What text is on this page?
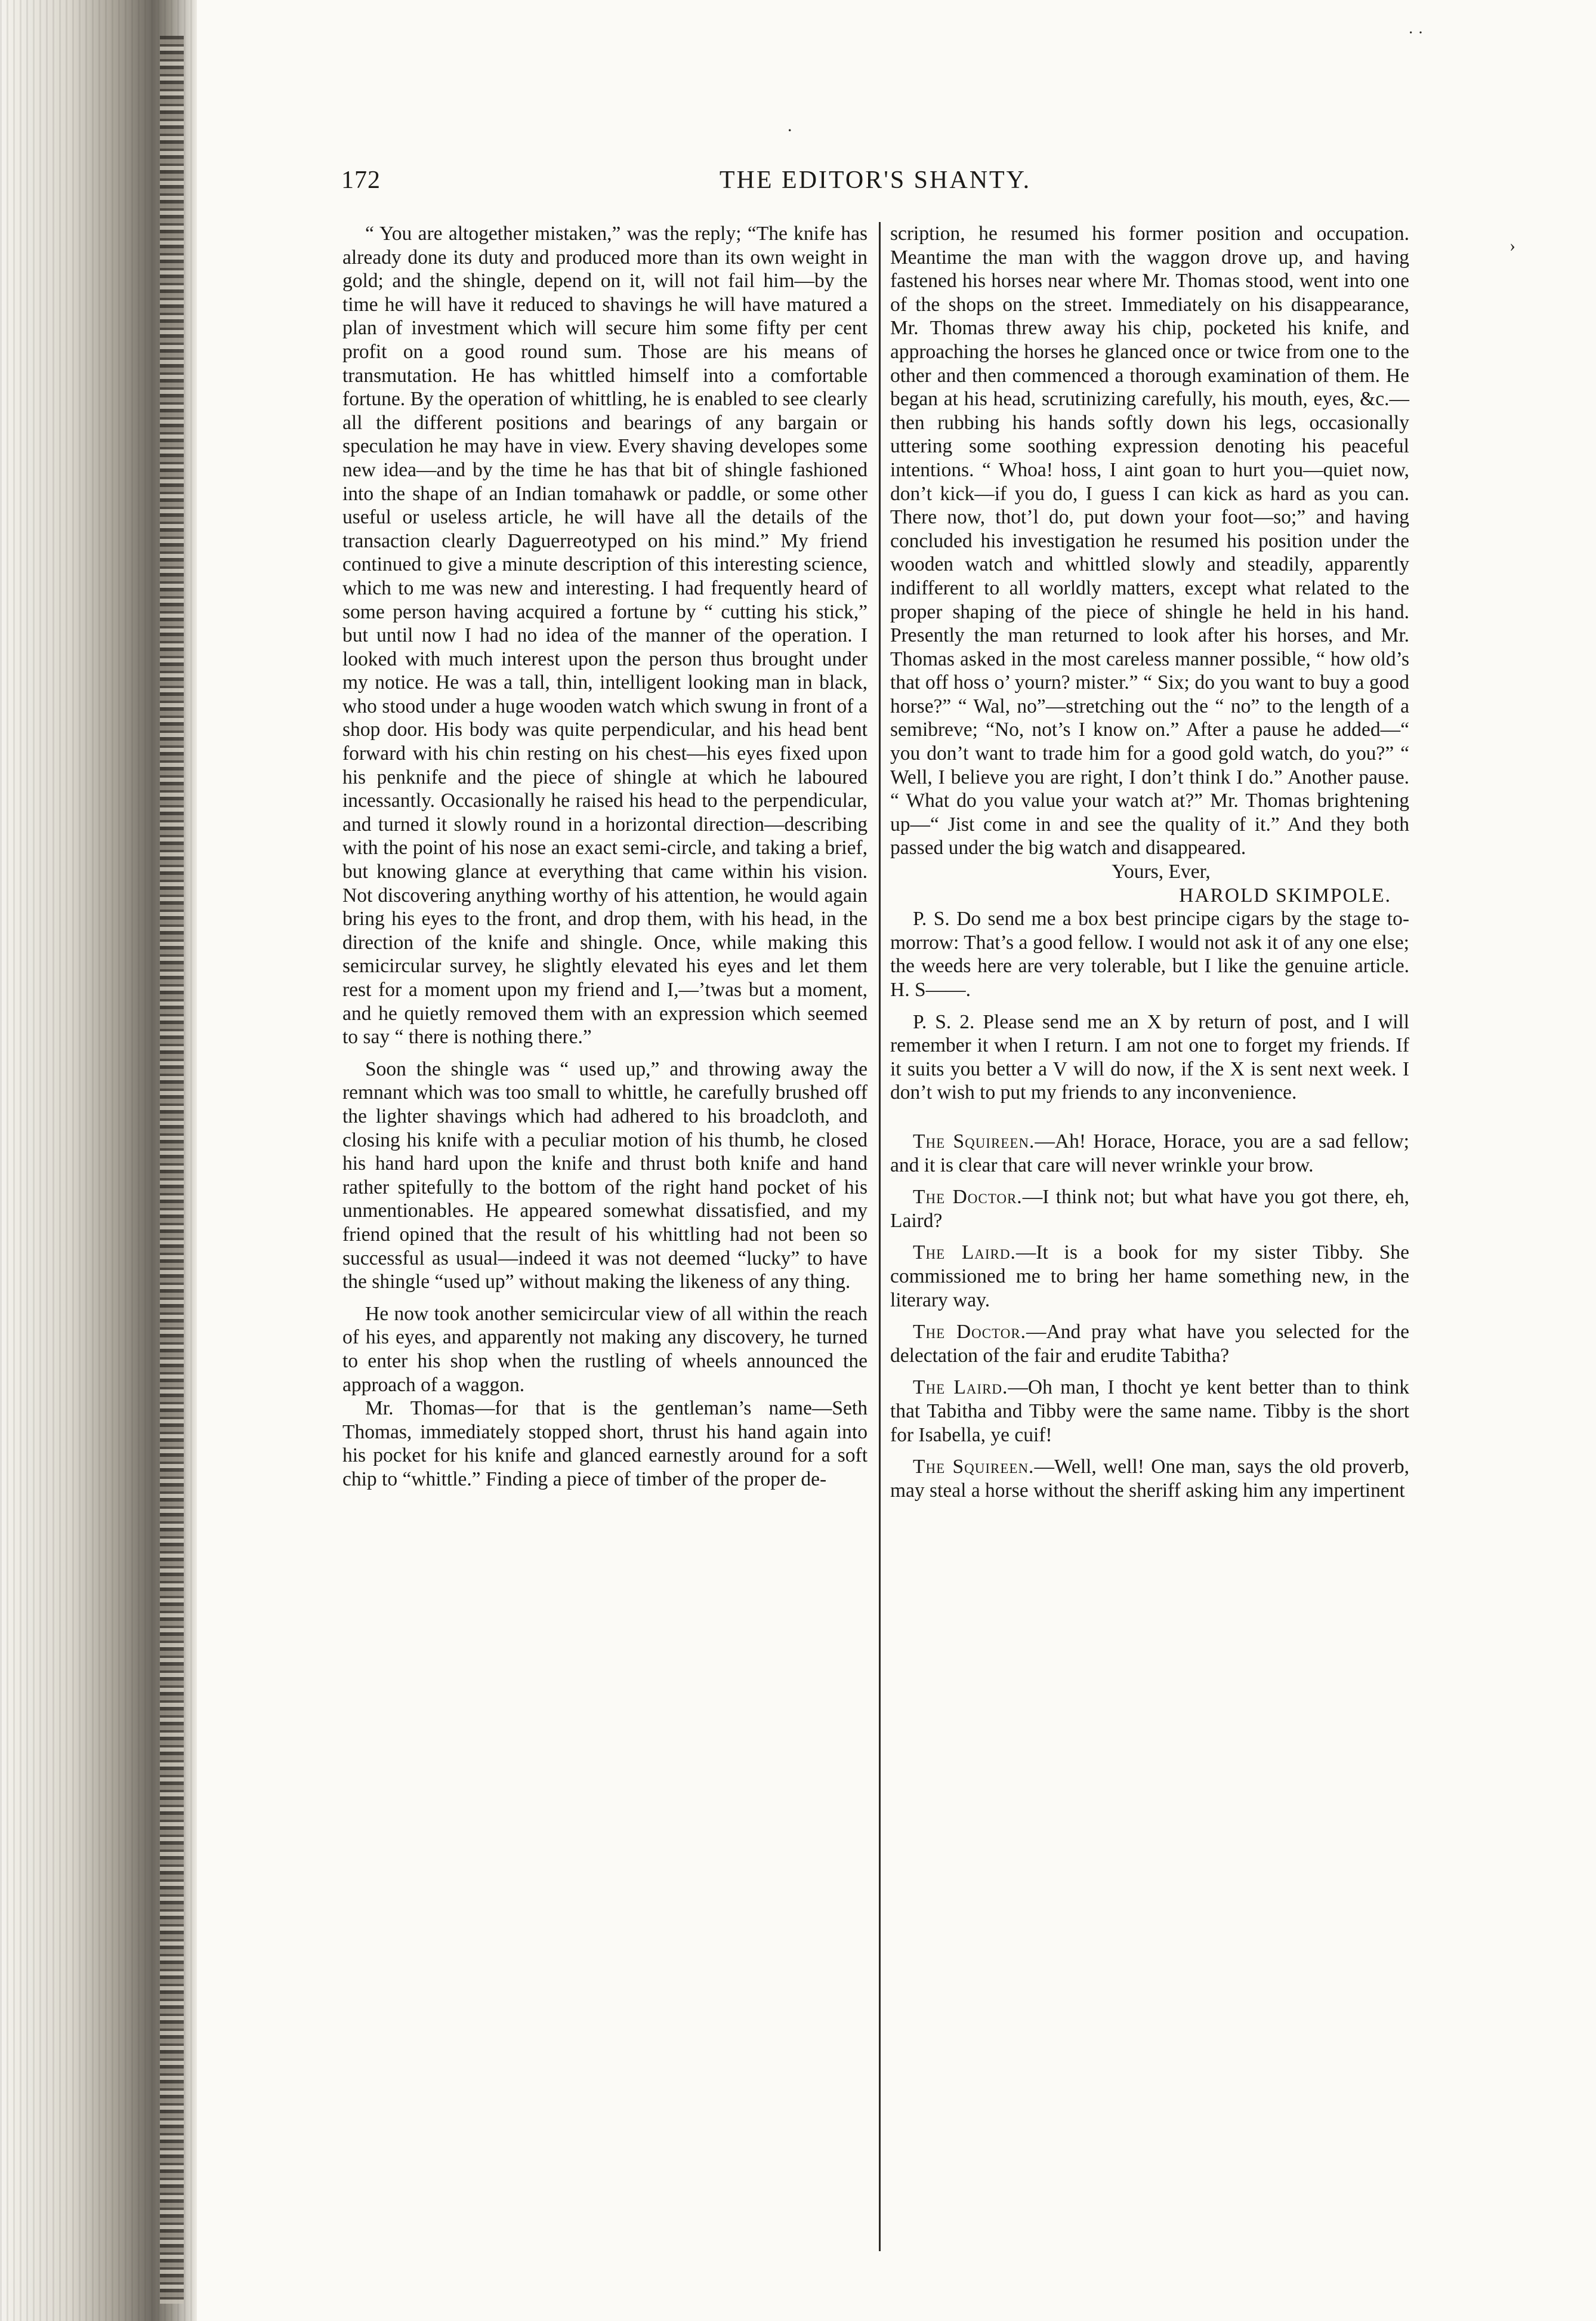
˙
· ·
›
172	THE EDITOR'S SHANTY.

“ You are altogether mistaken,” was the reply; “The knife has already done its duty and produced more than its own weight in gold; and the shingle, depend on it, will not fail him—by the time he will have it reduced to shavings he will have matured a plan of investment which will secure him some fifty per cent profit on a good round sum. Those are his means of transmutation. He has whittled himself into a comfortable fortune. By the operation of whittling, he is enabled to see clearly all the different positions and bearings of any bargain or speculation he may have in view. Every shaving developes some new idea—and by the time he has that bit of shingle fashioned into the shape of an Indian tomahawk or paddle, or some other useful or useless article, he will have all the details of the transaction clearly Daguerreotyped on his mind.” My friend continued to give a minute description of this interesting science, which to me was new and interesting. I had frequently heard of some person having acquired a fortune by “ cutting his stick,” but until now I had no idea of the manner of the operation. I looked with much interest upon the person thus brought under my notice. He was a tall, thin, intelligent looking man in black, who stood under a huge wooden watch which swung in front of a shop door. His body was quite perpendicular, and his head bent forward with his chin resting on his chest—his eyes fixed upon his penknife and the piece of shingle at which he laboured incessantly. Occasionally he raised his head to the perpendicular, and turned it slowly round in a horizontal direction—describing with the point of his nose an exact semi-circle, and taking a brief, but knowing glance at everything that came within his vision. Not discovering anything worthy of his attention, he would again bring his eyes to the front, and drop them, with his head, in the direction of the knife and shingle. Once, while making this semicircular survey, he slightly elevated his eyes and let them rest for a moment upon my friend and I,—’twas but a moment, and he quietly removed them with an expression which seemed to say “ there is nothing there.”

Soon the shingle was “ used up,” and throwing away the remnant which was too small to whittle, he carefully brushed off the lighter shavings which had adhered to his broadcloth, and closing his knife with a peculiar motion of his thumb, he closed his hand hard upon the knife and thrust both knife and hand rather spitefully to the bottom of the right hand pocket of his unmentionables. He appeared somewhat dissatisfied, and my friend opined that the result of his whittling had not been so successful as usual—indeed it was not deemed “lucky” to have the shingle “used up” without making the likeness of any thing.

He now took another semicircular view of all within the reach of his eyes, and apparently not making any discovery, he turned to enter his shop when the rustling of wheels announced the approach of a waggon.

Mr. Thomas—for that is the gentleman’s name—Seth Thomas, immediately stopped short, thrust his hand again into his pocket for his knife and glanced earnestly around for a soft chip to “whittle.” Finding a piece of timber of the proper de-

scription, he resumed his former position and occupation. Meantime the man with the waggon drove up, and having fastened his horses near where Mr. Thomas stood, went into one of the shops on the street. Immediately on his disappearance, Mr. Thomas threw away his chip, pocketed his knife, and approaching the horses he glanced once or twice from one to the other and then commenced a thorough examination of them. He began at his head, scrutinizing carefully, his mouth, eyes, &c.—then rubbing his hands softly down his legs, occasionally uttering some soothing expression denoting his peaceful intentions. “ Whoa! hoss, I aint goan to hurt you—quiet now, don’t kick—if you do, I guess I can kick as hard as you can. There now, thot’l do, put down your foot—so;” and having concluded his investigation he resumed his position under the wooden watch and whittled slowly and steadily, apparently indifferent to all worldly matters, except what related to the proper shaping of the piece of shingle he held in his hand. Presently the man returned to look after his horses, and Mr. Thomas asked in the most careless manner possible, “ how old’s that off hoss o’ yourn? mister.” “ Six; do you want to buy a good horse?” “ Wal, no”—stretching out the “ no” to the length of a semibreve; “No, not’s I know on.” After a pause he added—“ you don’t want to trade him for a good gold watch, do you?” “ Well, I believe you are right, I don’t think I do.” Another pause. “ What do you value your watch at?” Mr. Thomas brightening up—“ Jist come in and see the quality of it.” And they both passed under the big watch and disappeared.

Yours, Ever,

HAROLD SKIMPOLE.

P. S. Do send me a box best principe cigars by the stage to-morrow: That’s a good fellow. I would not ask it of any one else; the weeds here are very tolerable, but I like the genuine article. H. S——.

P. S. 2. Please send me an X by return of post, and I will remember it when I return. I am not one to forget my friends. If it suits you better a V will do now, if the X is sent next week. I don’t wish to put my friends to any inconvenience.

The Squireen.—Ah! Horace, Horace, you are a sad fellow; and it is clear that care will never wrinkle your brow.

The Doctor.—I think not; but what have you got there, eh, Laird?

The Laird.—It is a book for my sister Tibby. She commissioned me to bring her hame something new, in the literary way.

The Doctor.—And pray what have you selected for the delectation of the fair and erudite Tabitha?

The Laird.—Oh man, I thocht ye kent better than to think that Tabitha and Tibby were the same name. Tibby is the short for Isabella, ye cuif!

The Squireen.—Well, well! One man, says the old proverb, may steal a horse without the sheriff asking him any impertinent
